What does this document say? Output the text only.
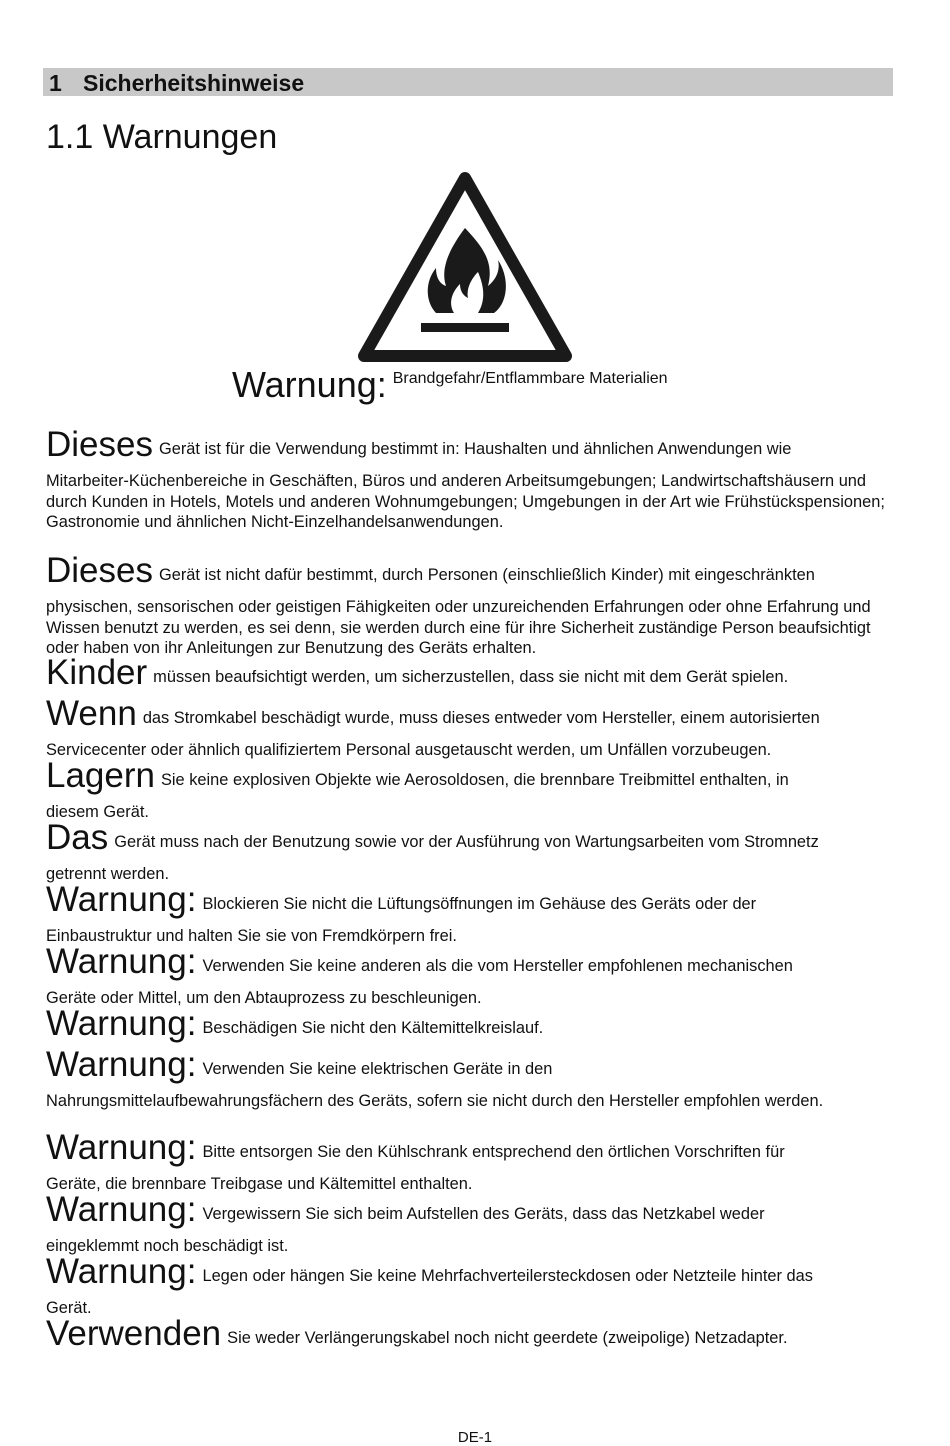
1 Sicherheitshinweise
1.1 Warnungen
Warnung: Brandgefahr/Entflammbare Materialien
Dieses Gerät ist für die Verwendung bestimmt in: Haushalten und ähnlichen Anwendungen wie
Mitarbeiter-Küchenbereiche in Geschäften, Büros und anderen Arbeitsumgebungen; Landwirtschaftshäusern und durch Kunden in Hotels, Motels und anderen Wohnumgebungen; Umgebungen in der Art wie Frühstückspensionen; Gastronomie und ähnlichen Nicht-Einzelhandelsanwendungen.
Dieses Gerät ist nicht dafür bestimmt, durch Personen (einschließlich Kinder) mit eingeschränkten
physischen, sensorischen oder geistigen Fähigkeiten oder unzureichenden Erfahrungen oder ohne Erfahrung und Wissen benutzt zu werden, es sei denn, sie werden durch eine für ihre Sicherheit zuständige Person beaufsichtigt oder haben von ihr Anleitungen zur Benutzung des Geräts erhalten.
Kinder müssen beaufsichtigt werden, um sicherzustellen, dass sie nicht mit dem Gerät spielen.
Wenn das Stromkabel beschädigt wurde, muss dieses entweder vom Hersteller, einem autorisierten
Servicecenter oder ähnlich qualifiziertem Personal ausgetauscht werden, um Unfällen vorzubeugen.
Lagern Sie keine explosiven Objekte wie Aerosoldosen, die brennbare Treibmittel enthalten, in
diesem Gerät.
Das Gerät muss nach der Benutzung sowie vor der Ausführung von Wartungsarbeiten vom Stromnetz
getrennt werden.
Warnung: Blockieren Sie nicht die Lüftungsöffnungen im Gehäuse des Geräts oder der
Einbaustruktur und halten Sie sie von Fremdkörpern frei.
Warnung: Verwenden Sie keine anderen als die vom Hersteller empfohlenen mechanischen
Geräte oder Mittel, um den Abtauprozess zu beschleunigen.
Warnung: Beschädigen Sie nicht den Kältemittelkreislauf.
Warnung: Verwenden Sie keine elektrischen Geräte in den
Nahrungsmittelaufbewahrungsfächern des Geräts, sofern sie nicht durch den Hersteller empfohlen werden.
Warnung: Bitte entsorgen Sie den Kühlschrank entsprechend den örtlichen Vorschriften für
Geräte, die brennbare Treibgase und Kältemittel enthalten.
Warnung: Vergewissern Sie sich beim Aufstellen des Geräts, dass das Netzkabel weder
eingeklemmt noch beschädigt ist.
Warnung: Legen oder hängen Sie keine Mehrfachverteilersteckdosen oder Netzteile hinter das
Gerät.
Verwenden Sie weder Verlängerungskabel noch nicht geerdete (zweipolige) Netzadapter.
DE-1
